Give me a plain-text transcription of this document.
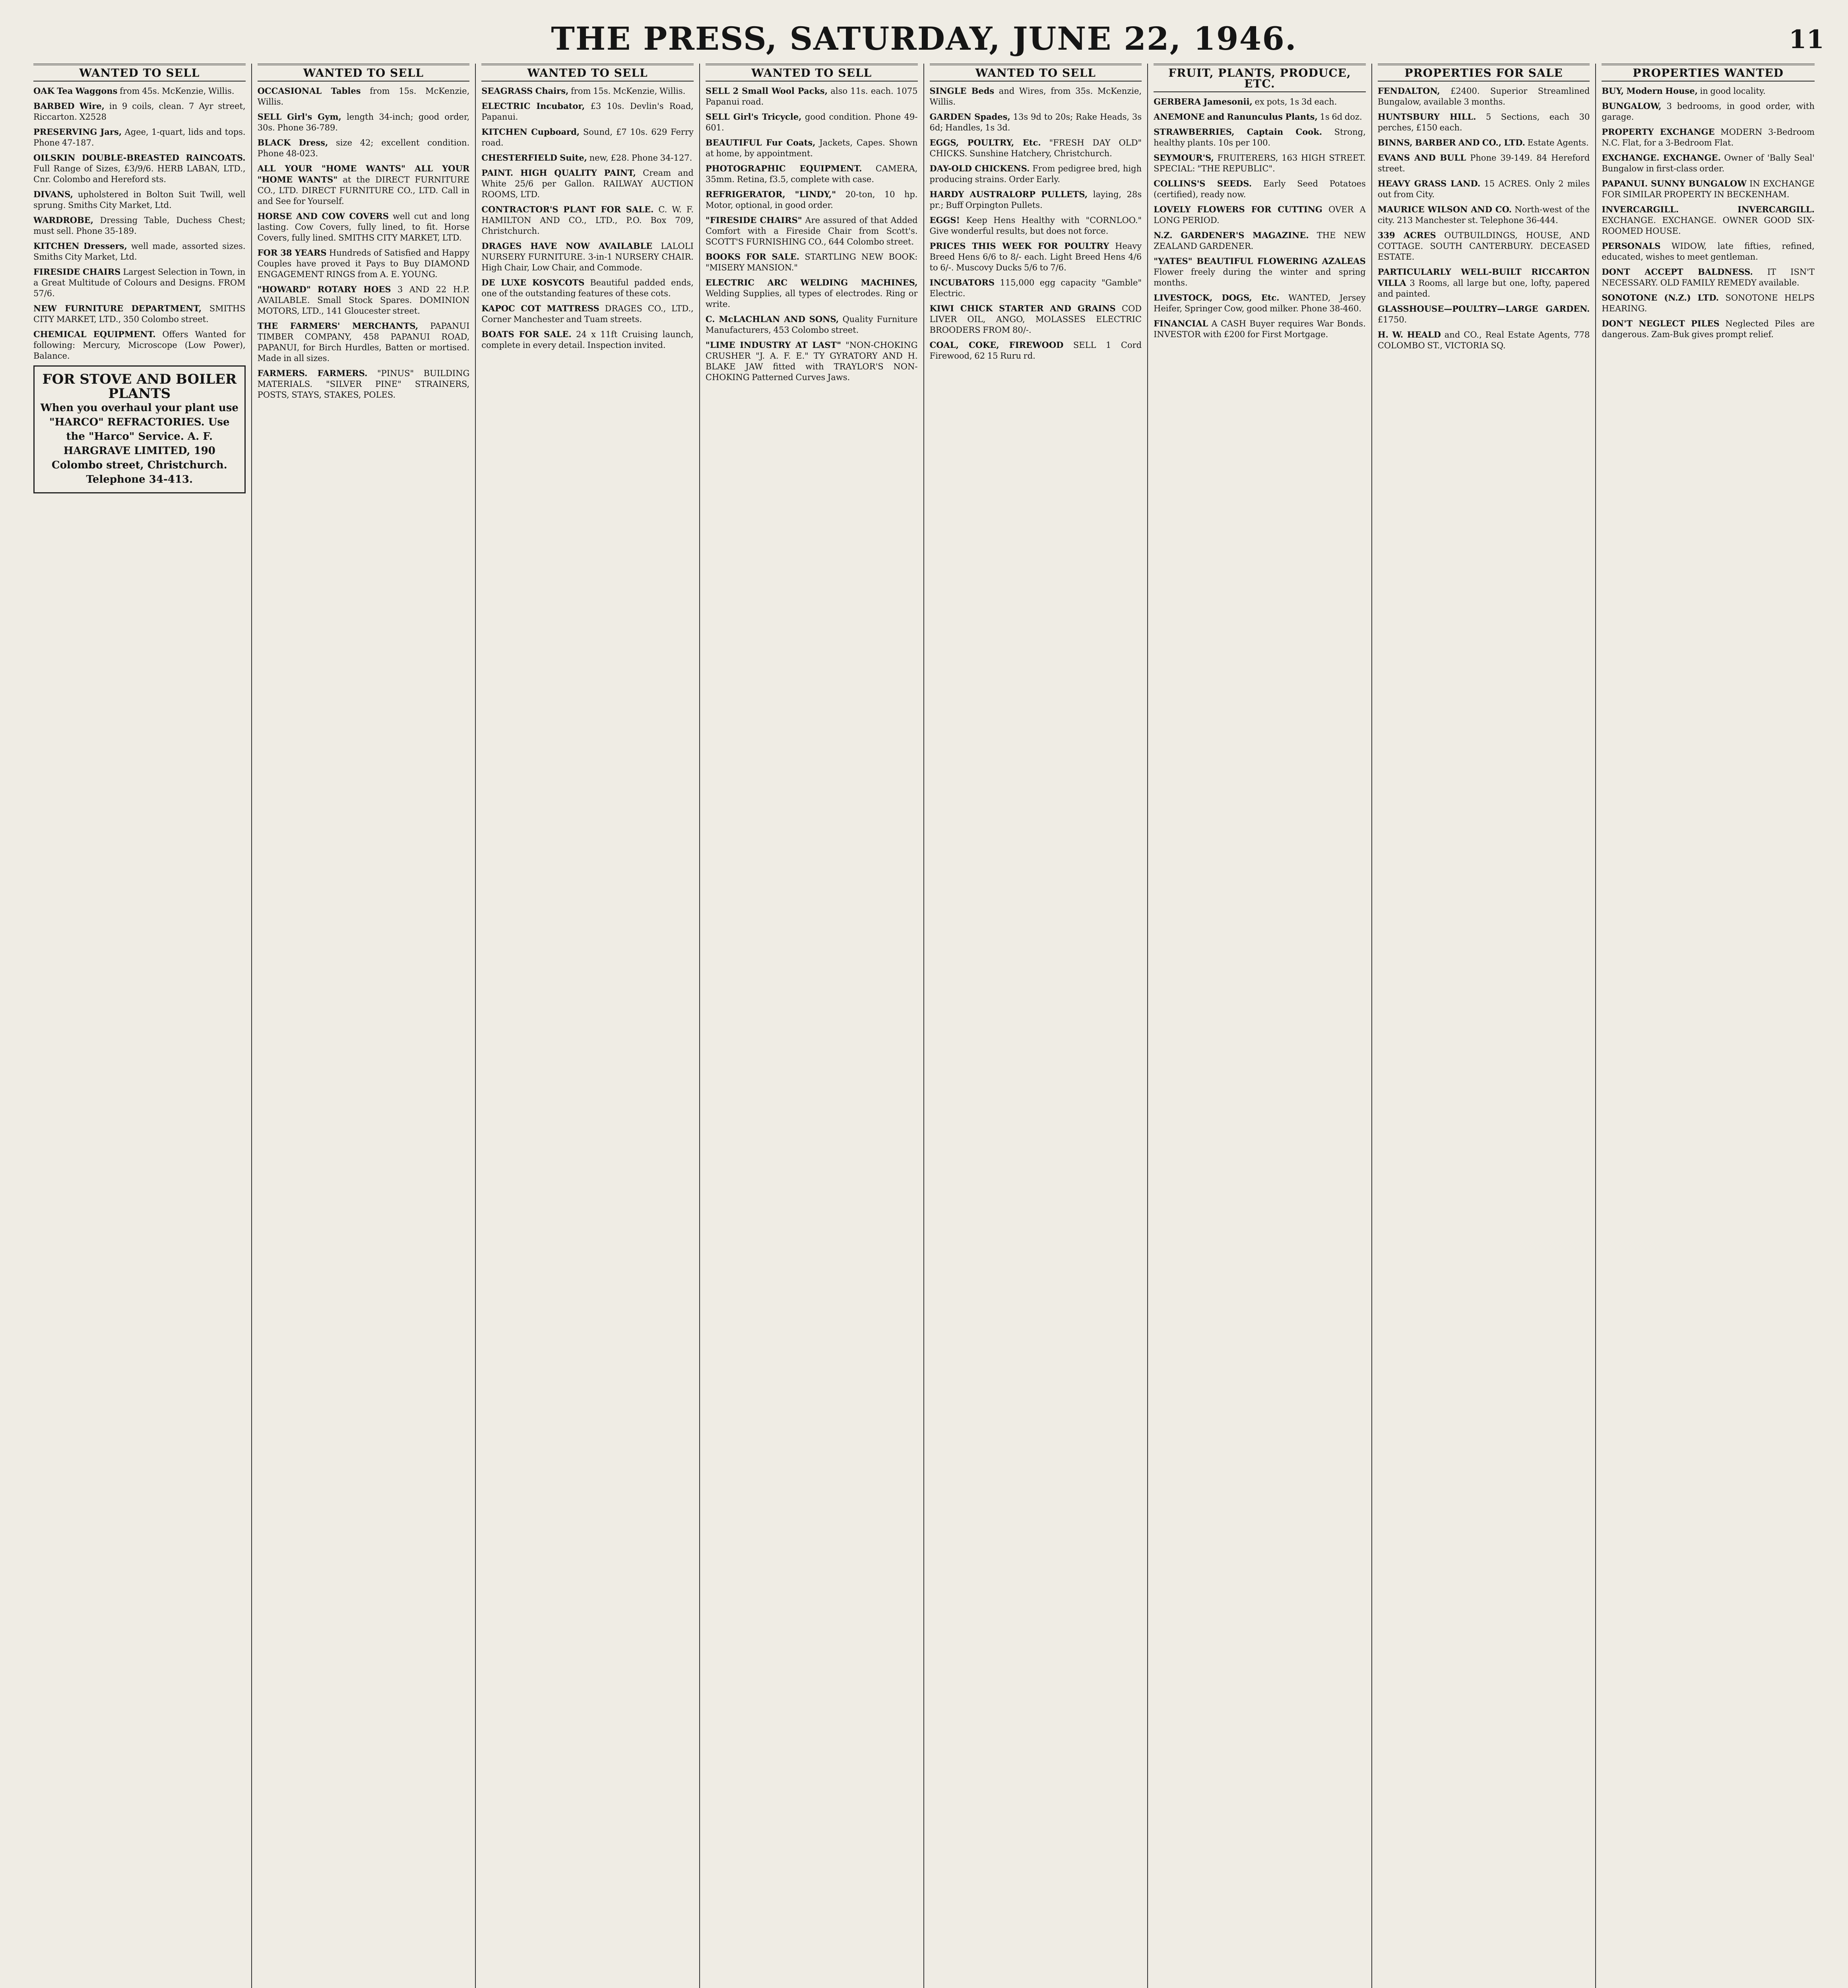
THE PRESS, SATURDAY, JUNE 22, 1946.	11
WANTED TO SELL

OAK Tea Waggons from 45s. McKenzie, Willis.

BARBED Wire, in 9 coils, clean. 7 Ayr street, Riccarton. X2528

PRESERVING Jars, Agee, 1-quart, lids and tops. Phone 47-187.

OILSKIN DOUBLE-BREASTED RAINCOATS. Full Range of Sizes, £3/9/6. HERB LABAN, LTD., Cnr. Colombo and Hereford sts.

DIVANS, upholstered in Bolton Suit Twill, well sprung. Smiths City Market, Ltd.

WARDROBE, Dressing Table, Duchess Chest; must sell. Phone 35-189.

KITCHEN Dressers, well made, assorted sizes. Smiths City Market, Ltd.

FIRESIDE CHAIRS Largest Selection in Town, in a Great Multitude of Colours and Designs. FROM 57/6.

NEW FURNITURE DEPARTMENT, SMITHS CITY MARKET, LTD., 350 Colombo street.

CHEMICAL EQUIPMENT. Offers Wanted for following: Mercury, Microscope (Low Power), Balance.

FOR STOVE AND BOILER PLANTS
When you overhaul your plant use "HARCO" REFRACTORIES. Use the "Harco" Service. A. F. HARGRAVE LIMITED, 190 Colombo street, Christchurch. Telephone 34-413.
WANTED TO SELL

OCCASIONAL Tables from 15s. McKenzie, Willis.

SELL Girl's Gym, length 34-inch; good order, 30s. Phone 36-789.

BLACK Dress, size 42; excellent condition. Phone 48-023.

ALL YOUR "HOME WANTS" ALL YOUR "HOME WANTS" at the DIRECT FURNITURE CO., LTD. DIRECT FURNITURE CO., LTD. Call in and See for Yourself.

HORSE AND COW COVERS well cut and long lasting. Cow Covers, fully lined, to fit. Horse Covers, fully lined. SMITHS CITY MARKET, LTD.

FOR 38 YEARS Hundreds of Satisfied and Happy Couples have proved it Pays to Buy DIAMOND ENGAGEMENT RINGS from A. E. YOUNG.

"HOWARD" ROTARY HOES 3 AND 22 H.P. AVAILABLE. Small Stock Spares. DOMINION MOTORS, LTD., 141 Gloucester street.

THE FARMERS' MERCHANTS, PAPANUI TIMBER COMPANY, 458 PAPANUI ROAD, PAPANUI, for Birch Hurdles, Batten or mortised. Made in all sizes.

FARMERS. FARMERS. "PINUS" BUILDING MATERIALS. "SILVER PINE" STRAINERS, POSTS, STAYS, STAKES, POLES.

WANTED TO SELL

SEAGRASS Chairs, from 15s. McKenzie, Willis.

ELECTRIC Incubator, £3 10s. Devlin's Road, Papanui.

KITCHEN Cupboard, Sound, £7 10s. 629 Ferry road.

CHESTERFIELD Suite, new, £28. Phone 34-127.

PAINT. HIGH QUALITY PAINT, Cream and White 25/6 per Gallon. RAILWAY AUCTION ROOMS, LTD.

CONTRACTOR'S PLANT FOR SALE. C. W. F. HAMILTON AND CO., LTD., P.O. Box 709, Christchurch.

DRAGES HAVE NOW AVAILABLE LALOLI NURSERY FURNITURE. 3-in-1 NURSERY CHAIR. High Chair, Low Chair, and Commode.

DE LUXE KOSYCOTS Beautiful padded ends, one of the outstanding features of these cots.

KAPOC COT MATTRESS DRAGES CO., LTD., Corner Manchester and Tuam streets.

BOATS FOR SALE. 24 x 11ft Cruising launch, complete in every detail. Inspection invited.

WANTED TO SELL

SELL 2 Small Wool Packs, also 11s. each. 1075 Papanui road.

SELL Girl's Tricycle, good condition. Phone 49-601.

BEAUTIFUL Fur Coats, Jackets, Capes. Shown at home, by appointment.

PHOTOGRAPHIC EQUIPMENT. CAMERA, 35mm. Retina, f3.5, complete with case.

REFRIGERATOR, "LINDY," 20-ton, 10 hp. Motor, optional, in good order.

"FIRESIDE CHAIRS" Are assured of that Added Comfort with a Fireside Chair from Scott's. SCOTT'S FURNISHING CO., 644 Colombo street.

BOOKS FOR SALE. STARTLING NEW BOOK: "MISERY MANSION."

ELECTRIC ARC WELDING MACHINES, Welding Supplies, all types of electrodes. Ring or write.

C. McLACHLAN AND SONS, Quality Furniture Manufacturers, 453 Colombo street.

"LIME INDUSTRY AT LAST" "NON-CHOKING CRUSHER "J. A. F. E." TY GYRATORY AND H. BLAKE JAW fitted with TRAYLOR'S NON-CHOKING Patterned Curves Jaws.

WANTED TO SELL

SINGLE Beds and Wires, from 35s. McKenzie, Willis.

GARDEN Spades, 13s 9d to 20s; Rake Heads, 3s 6d; Handles, 1s 3d.

EGGS, POULTRY, Etc. "FRESH DAY OLD" CHICKS. Sunshine Hatchery, Christchurch.

DAY-OLD CHICKENS. From pedigree bred, high producing strains. Order Early.

HARDY AUSTRALORP PULLETS, laying, 28s pr.; Buff Orpington Pullets.

EGGS! Keep Hens Healthy with "CORNLOO." Give wonderful results, but does not force.

PRICES THIS WEEK FOR POULTRY Heavy Breed Hens 6/6 to 8/- each. Light Breed Hens 4/6 to 6/-. Muscovy Ducks 5/6 to 7/6.

INCUBATORS 115,000 egg capacity "Gamble" Electric.

KIWI CHICK STARTER AND GRAINS COD LIVER OIL, ANGO, MOLASSES ELECTRIC BROODERS FROM 80/-.

COAL, COKE, FIREWOOD SELL 1 Cord Firewood, 62 15 Ruru rd.

FRUIT, PLANTS, PRODUCE, ETC.

GERBERA Jamesonii, ex pots, 1s 3d each.

ANEMONE and Ranunculus Plants, 1s 6d doz.

STRAWBERRIES, Captain Cook. Strong, healthy plants. 10s per 100.

SEYMOUR'S, FRUITERERS, 163 HIGH STREET. SPECIAL: "THE REPUBLIC".

COLLINS'S SEEDS. Early Seed Potatoes (certified), ready now.

LOVELY FLOWERS FOR CUTTING OVER A LONG PERIOD.

N.Z. GARDENER'S MAGAZINE. THE NEW ZEALAND GARDENER.

"YATES" BEAUTIFUL FLOWERING AZALEAS Flower freely during the winter and spring months.

LIVESTOCK, DOGS, Etc. WANTED, Jersey Heifer, Springer Cow, good milker. Phone 38-460.

FINANCIAL A CASH Buyer requires War Bonds. INVESTOR with £200 for First Mortgage.

PROPERTIES FOR SALE

FENDALTON, £2400. Superior Streamlined Bungalow, available 3 months.

HUNTSBURY HILL. 5 Sections, each 30 perches, £150 each.

BINNS, BARBER AND CO., LTD. Estate Agents.

EVANS AND BULL Phone 39-149. 84 Hereford street.

HEAVY GRASS LAND. 15 ACRES. Only 2 miles out from City.

MAURICE WILSON AND CO. North-west of the city. 213 Manchester st. Telephone 36-444.

339 ACRES OUTBUILDINGS, HOUSE, AND COTTAGE. SOUTH CANTERBURY. DECEASED ESTATE.

PARTICULARLY WELL-BUILT RICCARTON VILLA 3 Rooms, all large but one, lofty, papered and painted.

GLASSHOUSE—POULTRY—LARGE GARDEN. £1750.

H. W. HEALD and CO., Real Estate Agents, 778 COLOMBO ST., VICTORIA SQ.

PROPERTIES WANTED

BUY, Modern House, in good locality.

BUNGALOW, 3 bedrooms, in good order, with garage.

PROPERTY EXCHANGE MODERN 3-Bedroom N.C. Flat, for a 3-Bedroom Flat.

EXCHANGE. EXCHANGE. Owner of 'Bally Seal' Bungalow in first-class order.

PAPANUI. SUNNY BUNGALOW IN EXCHANGE FOR SIMILAR PROPERTY IN BECKENHAM.

INVERCARGILL. INVERCARGILL. EXCHANGE. EXCHANGE. OWNER GOOD SIX-ROOMED HOUSE.

PERSONALS WIDOW, late fifties, refined, educated, wishes to meet gentleman.

DONT ACCEPT BALDNESS. IT ISN'T NECESSARY. OLD FAMILY REMEDY available.

SONOTONE (N.Z.) LTD. SONOTONE HELPS HEARING.

DON'T NEGLECT PILES Neglected Piles are dangerous. Zam-Buk gives prompt relief.
